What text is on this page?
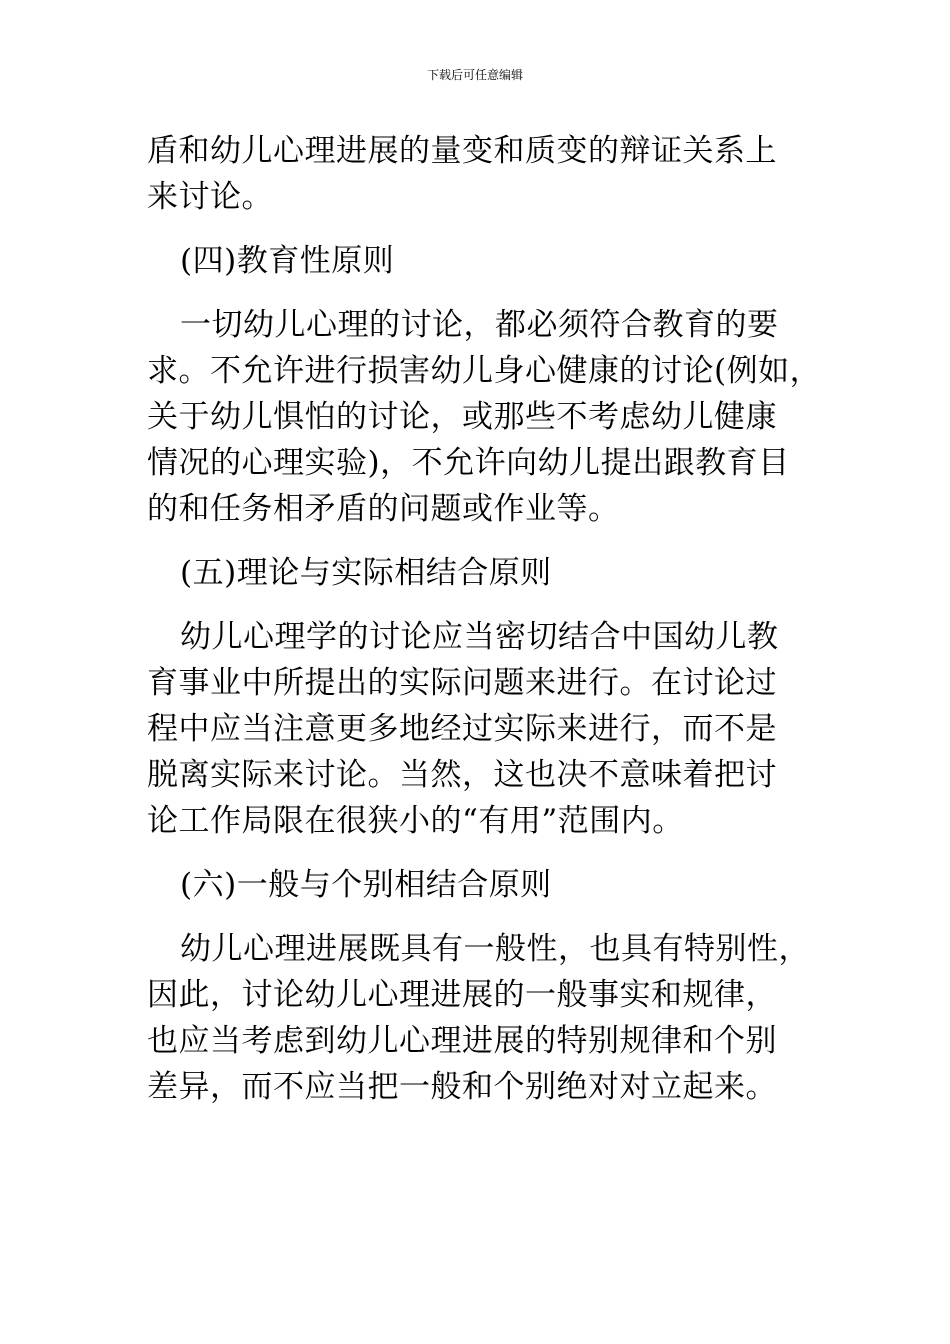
下载后可任意编辑
盾和幼儿心理进展的量变和质变的辩证关系上
来讨论。
(四)教育性原则
一切幼儿心理的讨论，都必须符合教育的要
求。不允许进行损害幼儿身心健康的讨论(例如，
关于幼儿惧怕的讨论，或那些不考虑幼儿健康
情况的心理实验)，不允许向幼儿提出跟教育目
的和任务相矛盾的问题或作业等。
(五)理论与实际相结合原则
幼儿心理学的讨论应当密切结合中国幼儿教
育事业中所提出的实际问题来进行。在讨论过
程中应当注意更多地经过实际来进行，而不是
脱离实际来讨论。当然，这也决不意味着把讨
论工作局限在很狭小的“有用”范围内。
(六)一般与个别相结合原则
幼儿心理进展既具有一般性，也具有特别性，
因此，讨论幼儿心理进展的一般事实和规律，
也应当考虑到幼儿心理进展的特别规律和个别
差异，而不应当把一般和个别绝对对立起来。
